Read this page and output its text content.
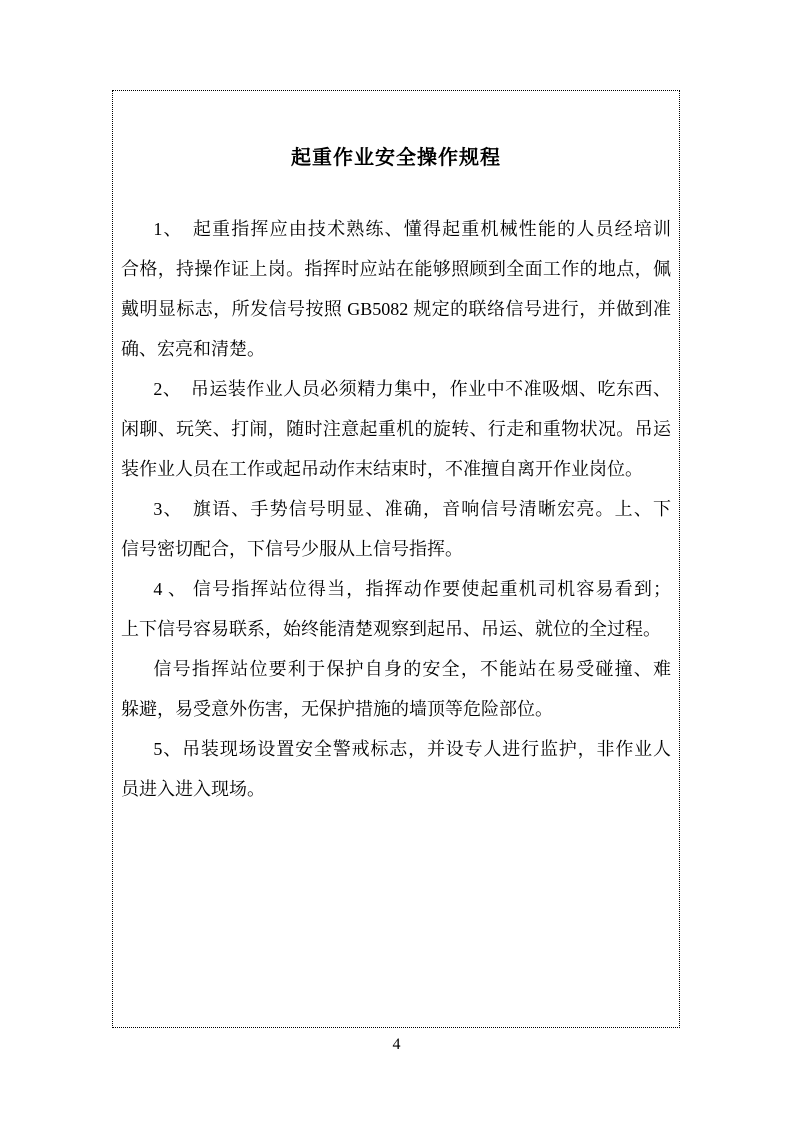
起重作业安全操作规程
1、　起重指挥应由技术熟练、懂得起重机械性能的人员经培训
合格，持操作证上岗。指挥时应站在能够照顾到全面工作的地点，佩
戴明显标志，所发信号按照 GB5082 规定的联络信号进行，并做到准
确、宏亮和清楚。
2、　吊运装作业人员必须精力集中，作业中不准吸烟、吃东西、
闲聊、玩笑、打闹，随时注意起重机的旋转、行走和重物状况。吊运
装作业人员在工作或起吊动作末结束时，不准擅自离开作业岗位。
3、　旗语、手势信号明显、准确，音响信号清晰宏亮。上、下
信号密切配合，下信号少服从上信号指挥。
4 、 信号指挥站位得当，指挥动作要使起重机司机容易看到；
上下信号容易联系，始终能清楚观察到起吊、吊运、就位的全过程。
信号指挥站位要利于保护自身的安全，不能站在易受碰撞、难
躲避，易受意外伤害，无保护措施的墙顶等危险部位。
5、吊装现场设置安全警戒标志，并设专人进行监护，非作业人
员进入进入现场。
4
